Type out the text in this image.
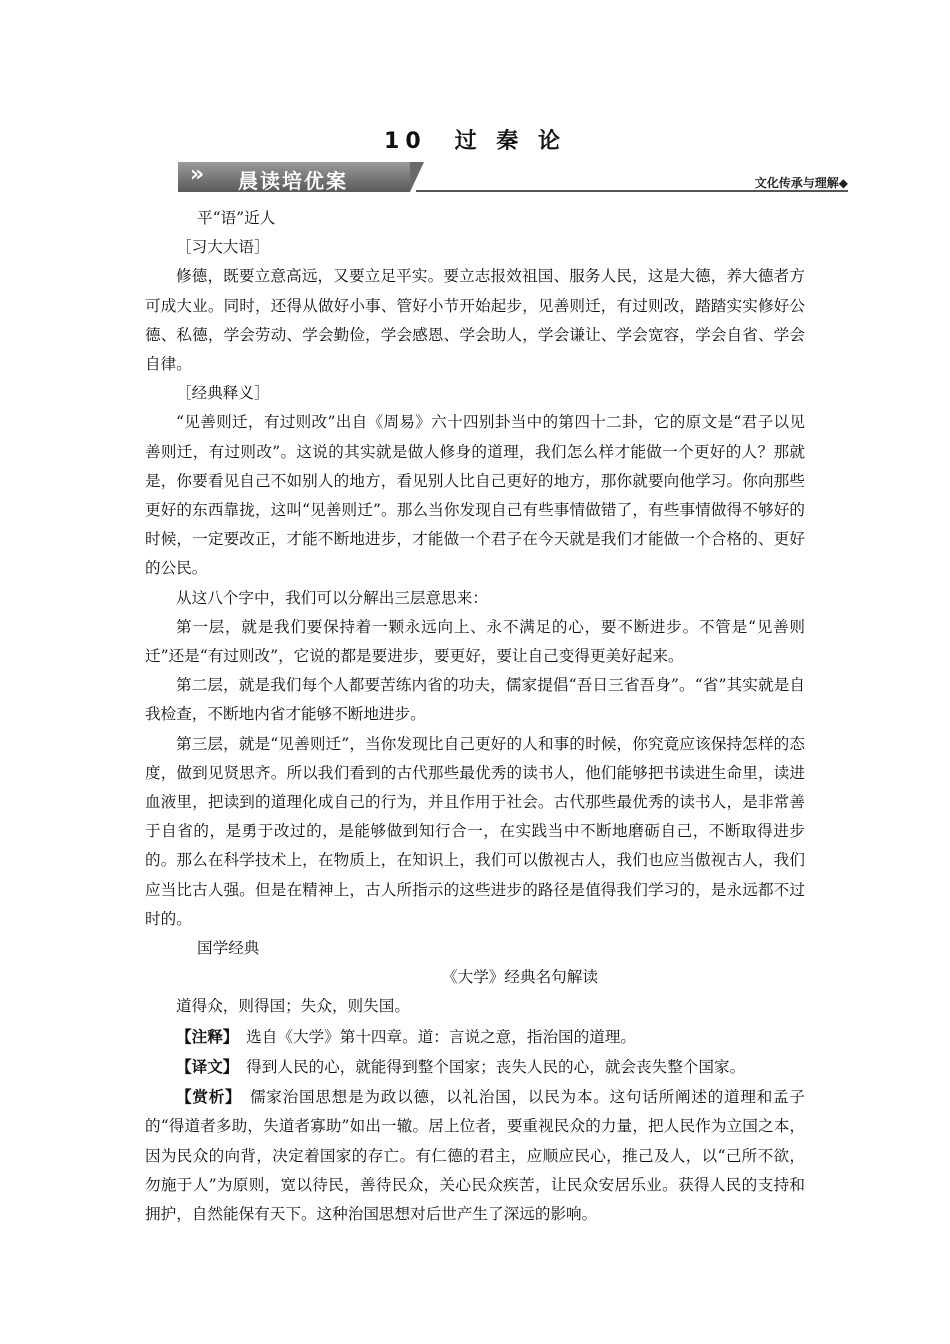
10　过 秦 论
» 晨读培优案	文化传承与理解◆

平“语”近人

［习大大语］

修德，既要立意高远，又要立足平实。要立志报效祖国、服务人民，这是大德，养大德者方可成大业。同时，还得从做好小事、管好小节开始起步，见善则迁，有过则改，踏踏实实修好公德、私德，学会劳动、学会勤俭，学会感恩、学会助人，学会谦让、学会宽容，学会自省、学会自律。

［经典释义］

“见善则迁，有过则改”出自《周易》六十四别卦当中的第四十二卦，它的原文是“君子以见善则迁，有过则改”。这说的其实就是做人修身的道理，我们怎么样才能做一个更好的人？那就是，你要看见自己不如别人的地方，看见别人比自己更好的地方，那你就要向他学习。你向那些更好的东西靠拢，这叫“见善则迁”。那么当你发现自己有些事情做错了，有些事情做得不够好的时候，一定要改正，才能不断地进步，才能做一个君子在今天就是我们才能做一个合格的、更好的公民。

从这八个字中，我们可以分解出三层意思来：

第一层，就是我们要保持着一颗永远向上、永不满足的心，要不断进步。不管是“见善则迁”还是“有过则改”，它说的都是要进步，要更好，要让自己变得更美好起来。

第二层，就是我们每个人都要苦练内省的功夫，儒家提倡“吾日三省吾身”。“省”其实就是自我检查，不断地内省才能够不断地进步。

第三层，就是“见善则迁”，当你发现比自己更好的人和事的时候，你究竟应该保持怎样的态度，做到见贤思齐。所以我们看到的古代那些最优秀的读书人，他们能够把书读进生命里，读进血液里，把读到的道理化成自己的行为，并且作用于社会。古代那些最优秀的读书人，是非常善于自省的，是勇于改过的，是能够做到知行合一，在实践当中不断地磨砺自己，不断取得进步的。那么在科学技术上，在物质上，在知识上，我们可以傲视古人，我们也应当傲视古人，我们应当比古人强。但是在精神上，古人所指示的这些进步的路径是值得我们学习的，是永远都不过时的。

国学经典

《大学》经典名句解读

道得众，则得国；失众，则失国。

【注释】　选自《大学》第十四章。道：言说之意，指治国的道理。

【译文】　得到人民的心，就能得到整个国家；丧失人民的心，就会丧失整个国家。

【赏析】　儒家治国思想是为政以德，以礼治国，以民为本。这句话所阐述的道理和孟子的“得道者多助，失道者寡助”如出一辙。居上位者，要重视民众的力量，把人民作为立国之本，因为民众的向背，决定着国家的存亡。有仁德的君主，应顺应民心，推己及人，以“己所不欲，勿施于人”为原则，宽以待民，善待民众，关心民众疾苦，让民众安居乐业。获得人民的支持和拥护，自然能保有天下。这种治国思想对后世产生了深远的影响。
